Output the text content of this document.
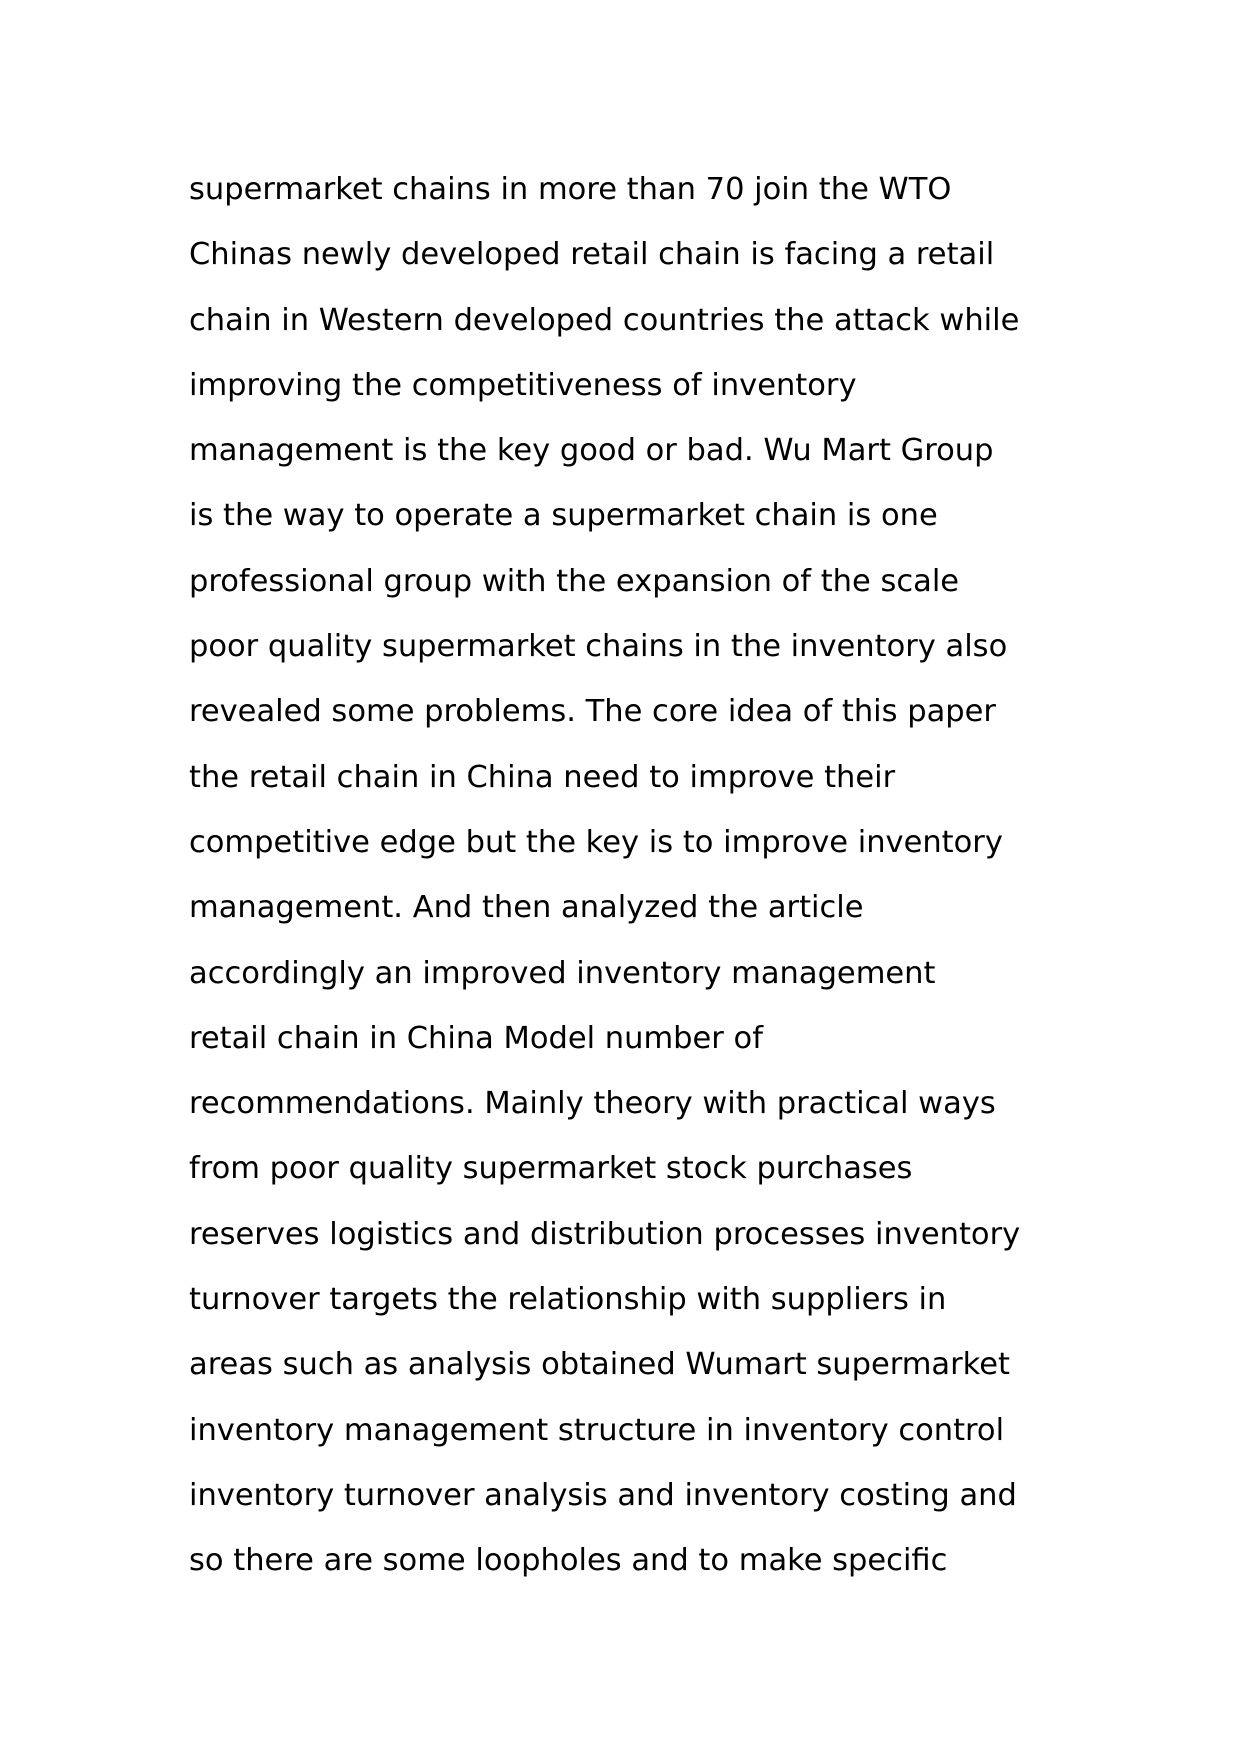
supermarket chains in more than 70 join the WTO
Chinas newly developed retail chain is facing a retail
chain in Western developed countries the attack while
improving the competitiveness of inventory
management is the key good or bad. Wu Mart Group
is the way to operate a supermarket chain is one
professional group with the expansion of the scale
poor quality supermarket chains in the inventory also
revealed some problems. The core idea of this paper
the retail chain in China need to improve their
competitive edge but the key is to improve inventory
management. And then analyzed the article
accordingly an improved inventory management
retail chain in China Model number of
recommendations. Mainly theory with practical ways
from poor quality supermarket stock purchases
reserves logistics and distribution processes inventory
turnover targets the relationship with suppliers in
areas such as analysis obtained Wumart supermarket
inventory management structure in inventory control
inventory turnover analysis and inventory costing and
so there are some loopholes and to make specific
